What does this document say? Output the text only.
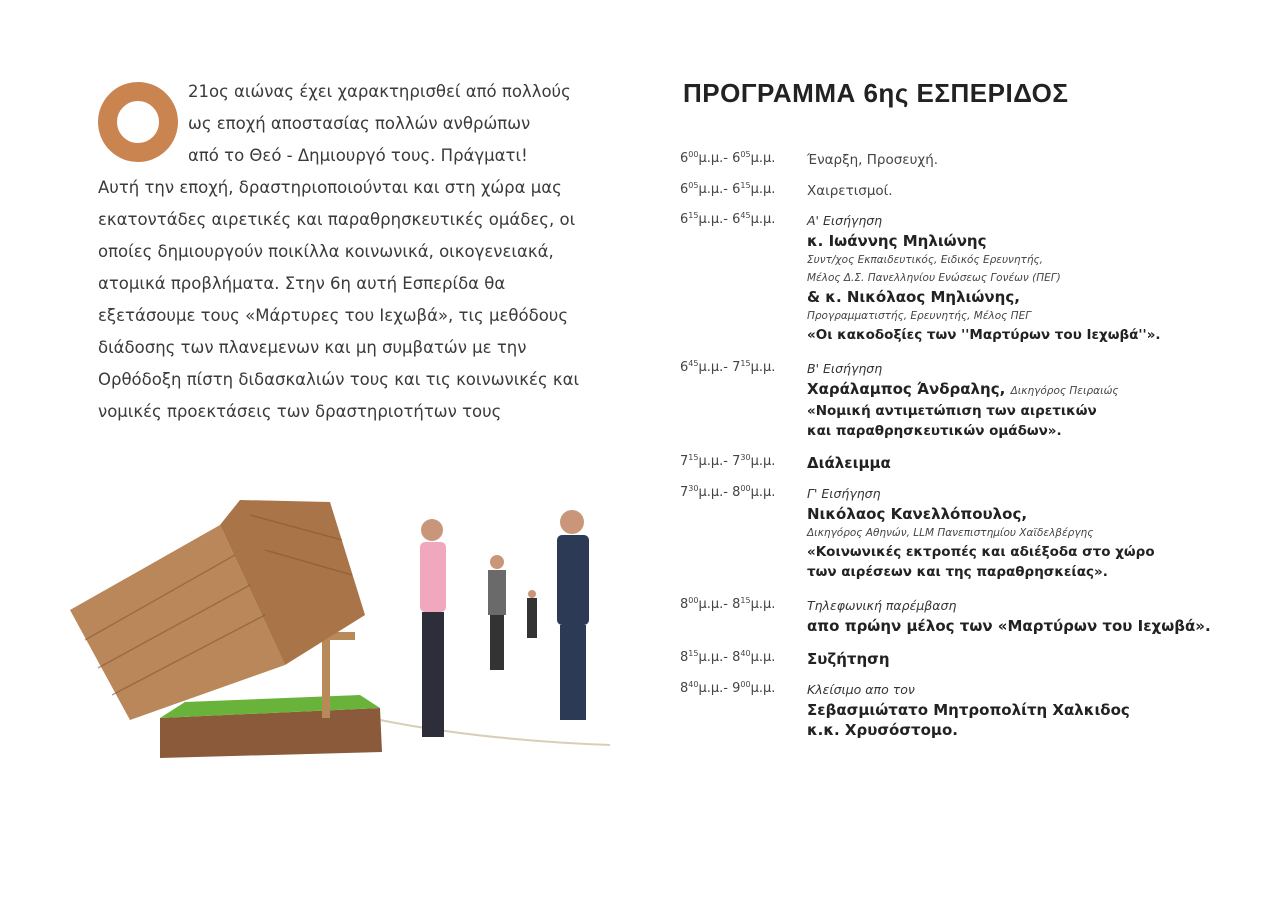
21ος αιώνας έχει χαρακτηρισθεί από πολλούς
ως εποχή αποστασίας πολλών ανθρώπων
από το Θεό - Δημιουργό τους. Πράγματι!
Αυτή την εποχή, δραστηριοποιούνται και στη χώρα μας
εκατοντάδες αιρετικές και παραθρησκευτικές ομάδες, οι
οποίες δημιουργούν ποικίλλα κοινωνικά, οικογενειακά,
ατομικά προβλήματα. Στην 6η αυτή Εσπερίδα θα
εξετάσουμε τους «Μάρτυρες του Ιεχωβά», τις μεθόδους
διάδοσης των πλανεμενων και μη συμβατών με την
Ορθόδοξη πίστη διδασκαλιών τους και τις κοινωνικές και
νομικές προεκτάσεις των δραστηριοτήτων τους
ΠΡΟΓΡΑΜΜΑ 6ης ΕΣΠΕΡΙΔΟΣ
$6^{00}\mu.\mu.-$ $6^{05}\mu.\mu$. Έναρξη, Προσευχή.
$6^{05}\mu.\mu.-$ $6^{15}\mu.\mu$. Χαιρετισμοί.
$6^{15}\mu.\mu.-$ $6^{45}\mu.\mu$.	Α' Εισήγηση
κ. Ιωάννης Μηλιώνης
Συντ/χος Εκπαιδευτικός, Ειδικός Ερευνητής,
Μέλος Δ.Σ. Πανελληνίου Ενώσεως Γονέων (ΠΕΓ)
& κ. Νικόλαος Μηλιώνης,
Προγραμματιστής, Ερευνητής, Μέλος ΠΕΓ
«Οι κακοδοξίες των ''Μαρτύρων του Ιεχωβά''».
$6^{45}\mu.\mu.-$ $7^{15}\mu.\mu$.	Β' Εισήγηση
Χαράλαμπος Άνδραλης, Δικηγόρος Πειραιώς
«Νομική αντιμετώπιση των αιρετικών
και παραθρησκευτικών ομάδων».
$7^{15}\mu.\mu.-$ $7^{30}\mu.\mu$. Διάλειμμα
$7^{30}\mu.\mu.-$ $8^{00}\mu.\mu$.	Γ' Εισήγηση
Νικόλαος Κανελλόπουλος,
Δικηγόρος Αθηνών, LLM Πανεπιστημίου Χαϊδελβέργης
«Κοινωνικές εκτροπές και αδιέξοδα στο χώρο
των αιρέσεων και της παραθρησκείας».
$8^{00}\mu.\mu.-$ $8^{15}\mu.\mu$.	Τηλεφωνική παρέμβαση
απο πρώην μέλος των «Μαρτύρων του Ιεχωβά».
$8^{15}\mu.\mu.-$ $8^{40}\mu.\mu$. Συζήτηση
$8^{40}\mu.\mu.-$ $9^{00}\mu.\mu$.	Κλείσιμο απο τον
Σεβασμιώτατο Μητροπολίτη Χαλκιδος
κ.κ. Χρυσόστομο.
